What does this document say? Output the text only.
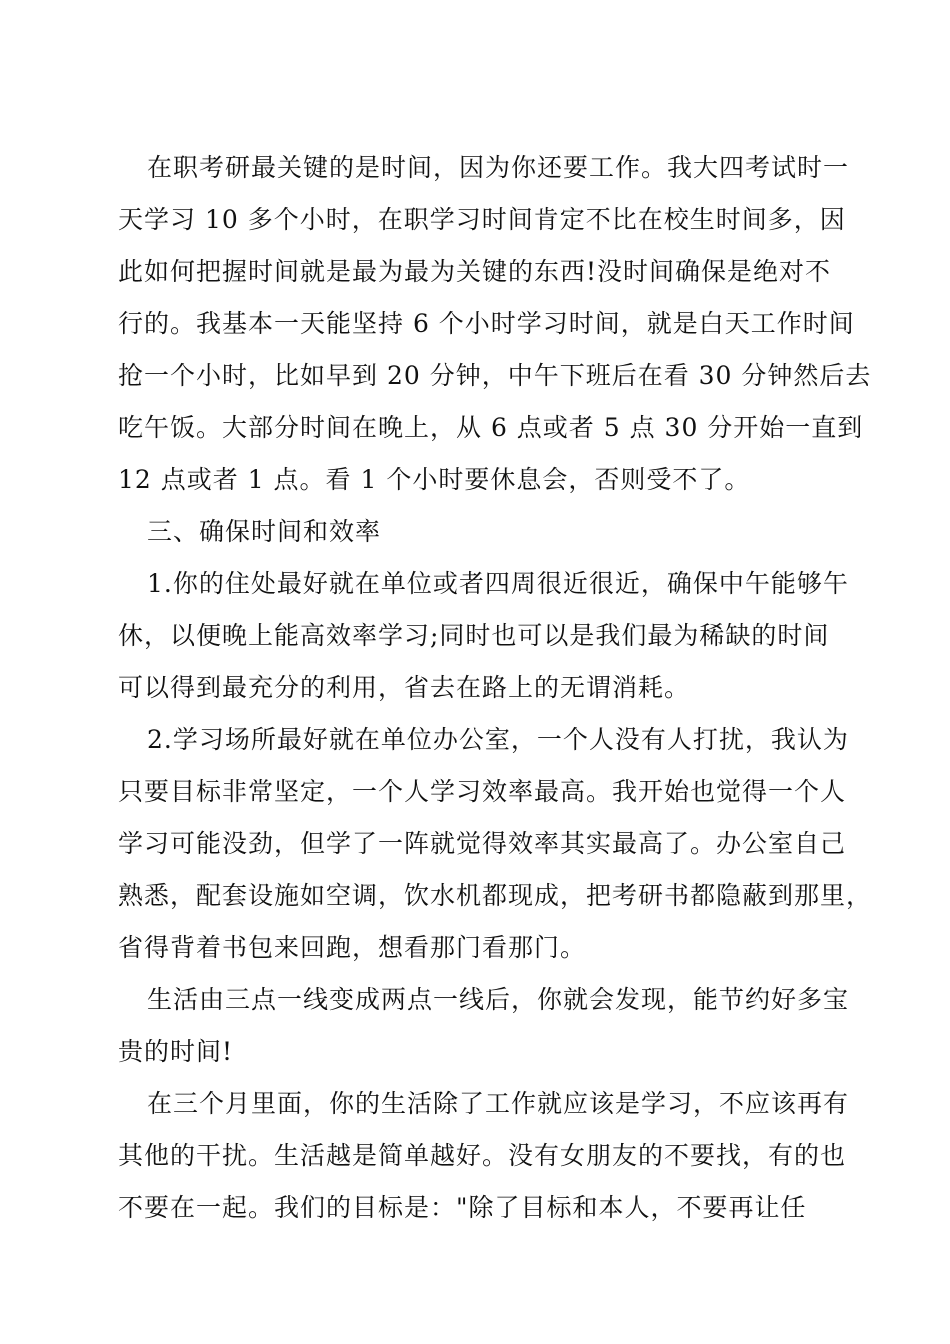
在职考研最关键的是时间，因为你还要工作。我大四考试时一
天学习 10 多个小时，在职学习时间肯定不比在校生时间多，因
此如何把握时间就是最为最为关键的东西!没时间确保是绝对不
行的。我基本一天能坚持 6 个小时学习时间，就是白天工作时间
抢一个小时，比如早到 20 分钟，中午下班后在看 30 分钟然后去
吃午饭。大部分时间在晚上，从 6 点或者 5 点 30 分开始一直到
12 点或者 1 点。看 1 个小时要休息会，否则受不了。
三、确保时间和效率
1.你的住处最好就在单位或者四周很近很近，确保中午能够午
休，以便晚上能高效率学习;同时也可以是我们最为稀缺的时间
可以得到最充分的利用，省去在路上的无谓消耗。
2.学习场所最好就在单位办公室，一个人没有人打扰，我认为
只要目标非常坚定，一个人学习效率最高。我开始也觉得一个人
学习可能没劲，但学了一阵就觉得效率其实最高了。办公室自己
熟悉，配套设施如空调，饮水机都现成，把考研书都隐蔽到那里，
省得背着书包来回跑，想看那门看那门。
生活由三点一线变成两点一线后，你就会发现，能节约好多宝
贵的时间!
在三个月里面，你的生活除了工作就应该是学习，不应该再有
其他的干扰。生活越是简单越好。没有女朋友的不要找，有的也
不要在一起。我们的目标是："除了目标和本人，不要再让任
